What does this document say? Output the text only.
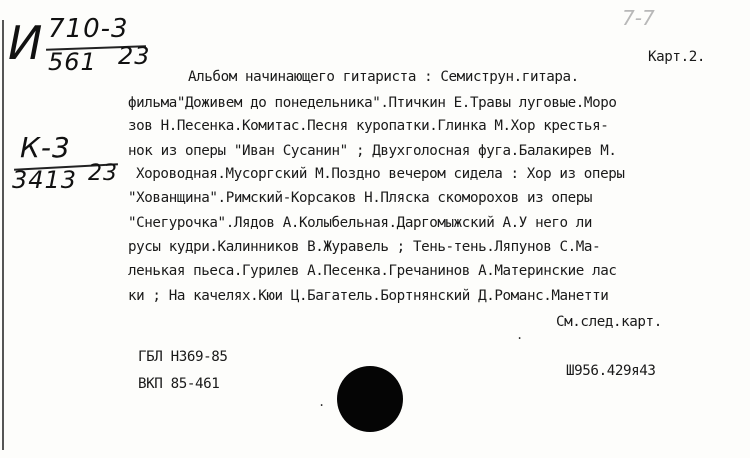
И 710-3
561 23
К-3
3413 23
7-7
Карт.2.
Альбом начинающего гитариста : Семиструн.гитара.
фильма"Доживем до понедельника".Птичкин Е.Травы луговые.Моро
зов Н.Песенка.Комитас.Песня куропатки.Глинка М.Хор крестья-
нок из оперы "Иван Сусанин" ; Двухголосная фуга.Балакирев М.
Хороводная.Мусоргский М.Поздно вечером сидела : Хор из оперы
"Хованщина".Римский-Корсаков Н.Пляска скоморохов из оперы
"Снегурочка".Лядов А.Колыбельная.Даргомыжский А.У него ли
русы кудри.Калинников В.Журавель ; Тень-тень.Ляпунов С.Ма-
ленькая пьеса.Гурилев А.Песенка.Гречанинов А.Материнские лас
ки ; На качелях.Кюи Ц.Багатель.Бортнянский Д.Романс.Манетти
См.след.карт.
.
ГБЛ Н369-85
ВКП 85-461
Ш956.429я43
.
